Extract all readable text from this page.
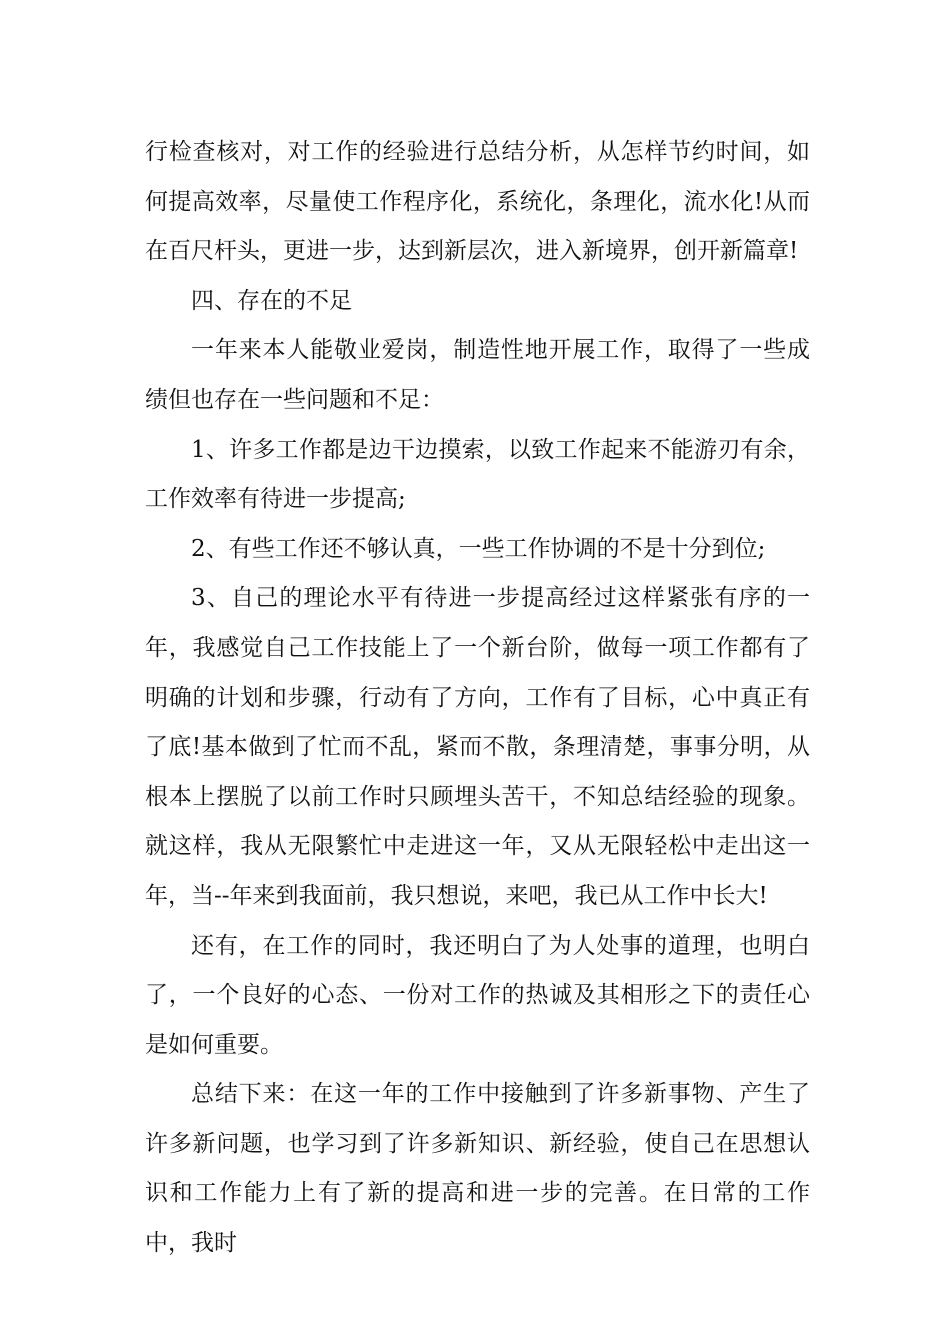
行检查核对，对工作的经验进行总结分析，从怎样节约时间，如何提高效率，尽量使工作程序化，系统化，条理化，流水化!从而在百尺杆头，更进一步，达到新层次，进入新境界，创开新篇章!

四、存在的不足

一年来本人能敬业爱岗，制造性地开展工作，取得了一些成绩但也存在一些问题和不足：

1、许多工作都是边干边摸索，以致工作起来不能游刃有余，工作效率有待进一步提高;

2、有些工作还不够认真，一些工作协调的不是十分到位;

3、自己的理论水平有待进一步提高经过这样紧张有序的一年，我感觉自己工作技能上了一个新台阶，做每一项工作都有了明确的计划和步骤，行动有了方向，工作有了目标，心中真正有了底!基本做到了忙而不乱，紧而不散，条理清楚，事事分明，从根本上摆脱了以前工作时只顾埋头苦干，不知总结经验的现象。就这样，我从无限繁忙中走进这一年，又从无限轻松中走出这一年，当--年来到我面前，我只想说，来吧，我已从工作中长大!

还有，在工作的同时，我还明白了为人处事的道理，也明白了，一个良好的心态、一份对工作的热诚及其相形之下的责任心是如何重要。

总结下来：在这一年的工作中接触到了许多新事物、产生了许多新问题，也学习到了许多新知识、新经验，使自己在思想认识和工作能力上有了新的提高和进一步的完善。在日常的工作中，我时
